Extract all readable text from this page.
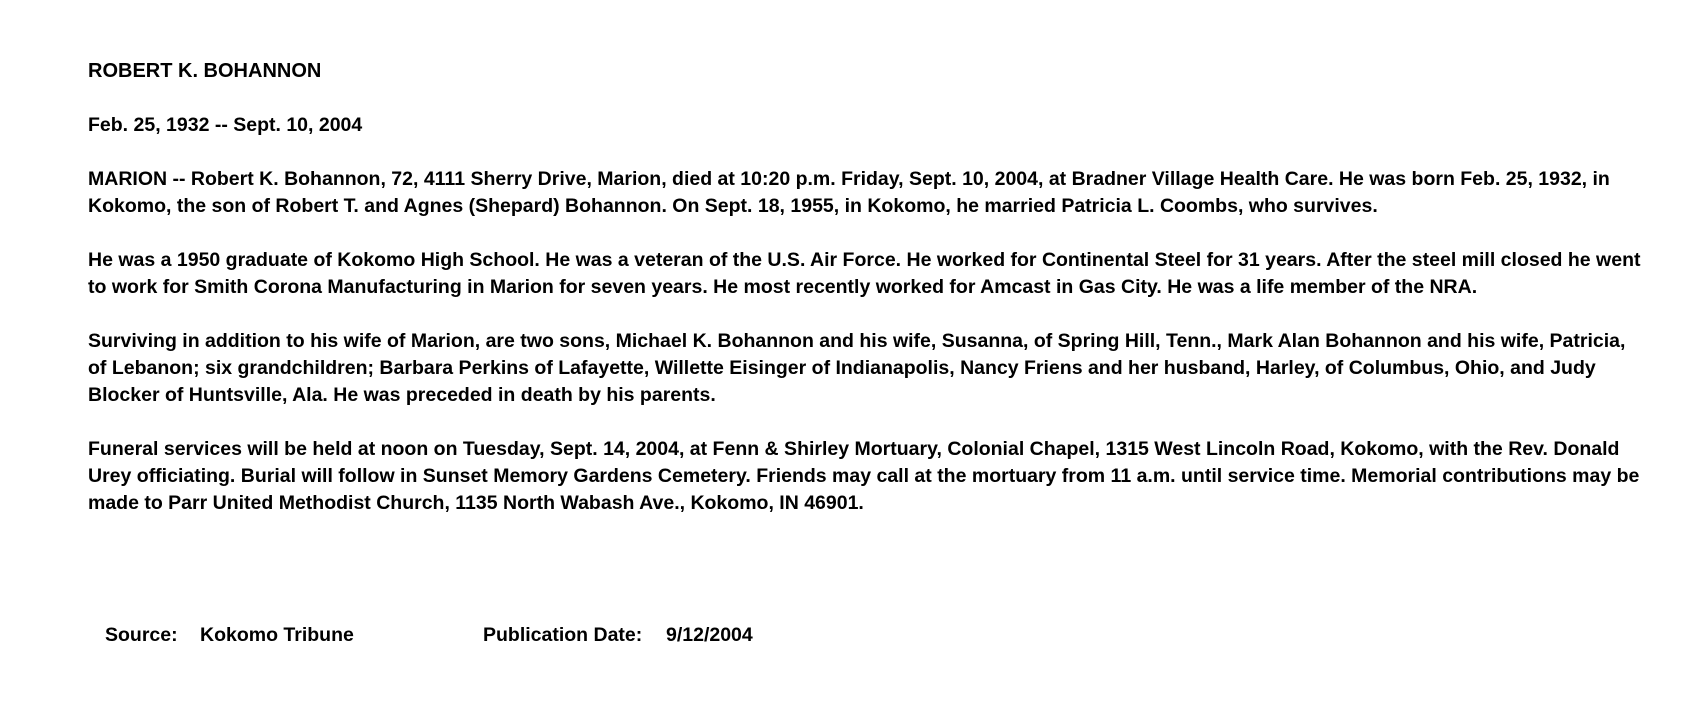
ROBERT K. BOHANNON

Feb. 25, 1932 -- Sept. 10, 2004

MARION -- Robert K. Bohannon, 72, 4111 Sherry Drive, Marion, died at 10:20 p.m. Friday, Sept. 10, 2004, at Bradner Village Health Care. He was born Feb. 25, 1932, in Kokomo, the son of Robert T. and Agnes (Shepard) Bohannon. On Sept. 18, 1955, in Kokomo, he married Patricia L. Coombs, who survives.

He was a 1950 graduate of Kokomo High School. He was a veteran of the U.S. Air Force. He worked for Continental Steel for 31 years. After the steel mill closed he went to work for Smith Corona Manufacturing in Marion for seven years. He most recently worked for Amcast in Gas City. He was a life member of the NRA.

Surviving in addition to his wife of Marion, are two sons, Michael K. Bohannon and his wife, Susanna, of Spring Hill, Tenn., Mark Alan Bohannon and his wife, Patricia, of Lebanon; six grandchildren; Barbara Perkins of Lafayette, Willette Eisinger of Indianapolis, Nancy Friens and her husband, Harley, of Columbus, Ohio, and Judy Blocker of Huntsville, Ala. He was preceded in death by his parents.

Funeral services will be held at noon on Tuesday, Sept. 14, 2004, at Fenn & Shirley Mortuary, Colonial Chapel, 1315 West Lincoln Road, Kokomo, with the Rev. Donald Urey officiating. Burial will follow in Sunset Memory Gardens Cemetery. Friends may call at the mortuary from 11 a.m. until service time. Memorial contributions may be made to Parr United Methodist Church, 1135 North Wabash Ave., Kokomo, IN 46901.

Source: Kokomo Tribune	Publication Date: 9/12/2004
